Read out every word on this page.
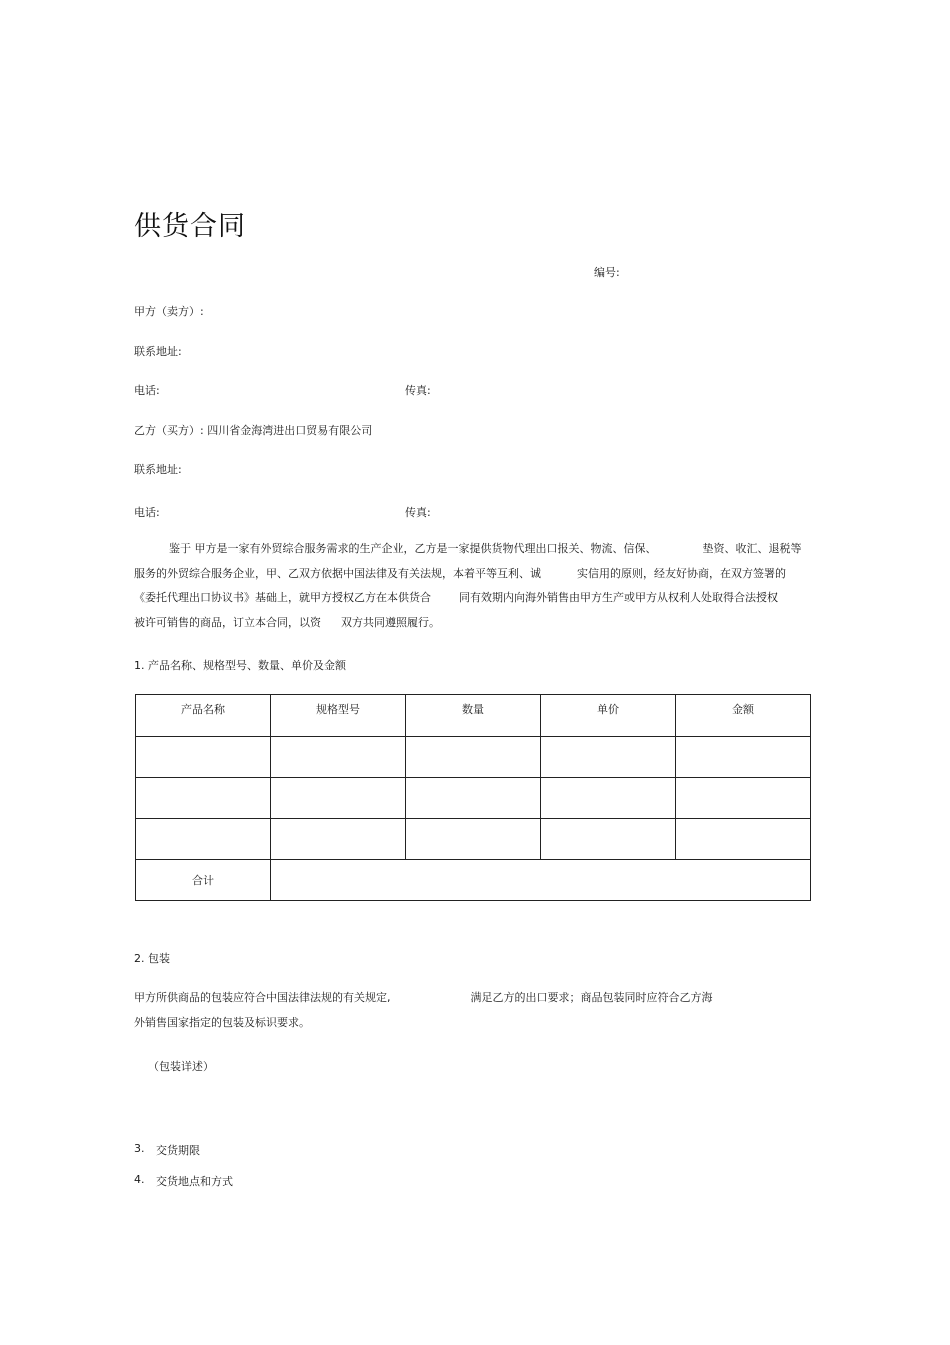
供货合同
编号:
甲方（卖方）:
联系地址:
电话:	传真:
乙方（买方）: 四川省金海湾进出口贸易有限公司
联系地址:
电话:	传真:
鉴于 甲方是一家有外贸综合服务需求的生产企业，乙方是一家提供货物代理出口报关、物流、信保、	垫资、收汇、退税等
服务的外贸综合服务企业，甲、乙双方依据中国法律及有关法规，本着平等互利、诚	实信用的原则，经友好协商，在双方签署的
《委托代理出口协议书》基础上，就甲方授权乙方在本供货合	同有效期内向海外销售由甲方生产或甲方从权利人处取得合法授权
被许可销售的商品，订立本合同，以资 双方共同遵照履行。
1. 产品名称、规格型号、数量、单价及金额
产品名称	规格型号	数量	单价	金额

合计				
2. 包装
甲方所供商品的包装应符合中国法律法规的有关规定,	满足乙方的出口要求；商品包装同时应符合乙方海
外销售国家指定的包装及标识要求。
（包装详述）
3. 交货期限
4. 交货地点和方式
